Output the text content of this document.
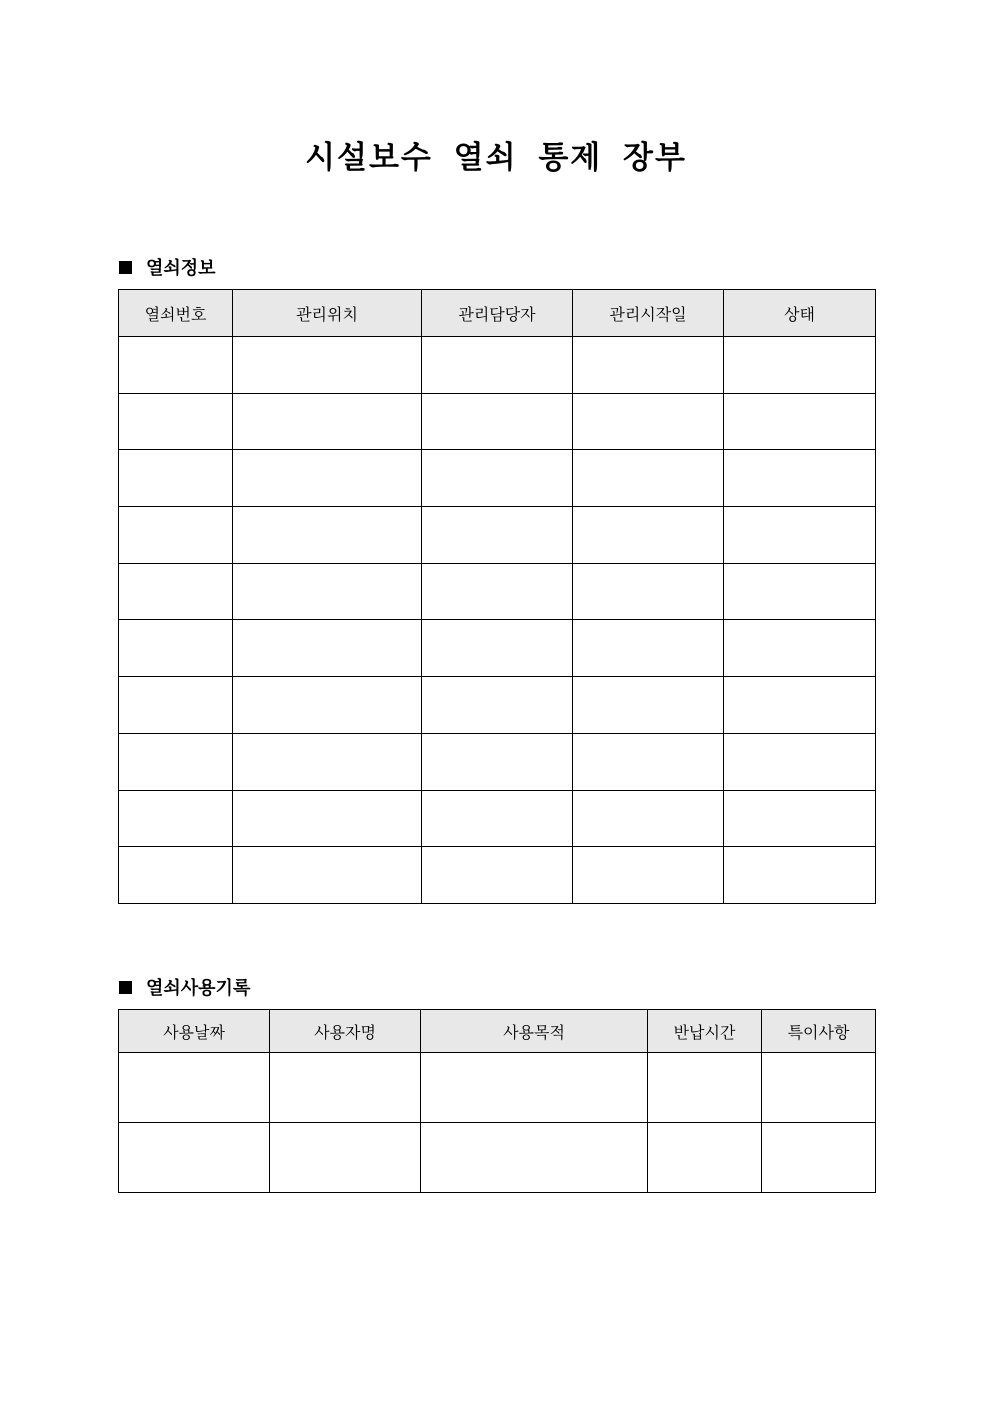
시설보수 열쇠 통제 장부
열쇠정보
열쇠번호	관리위치	관리담당자	관리시작일	상태

열쇠사용기록
사용날짜	사용자명	사용목적	반납시간	특이사항
